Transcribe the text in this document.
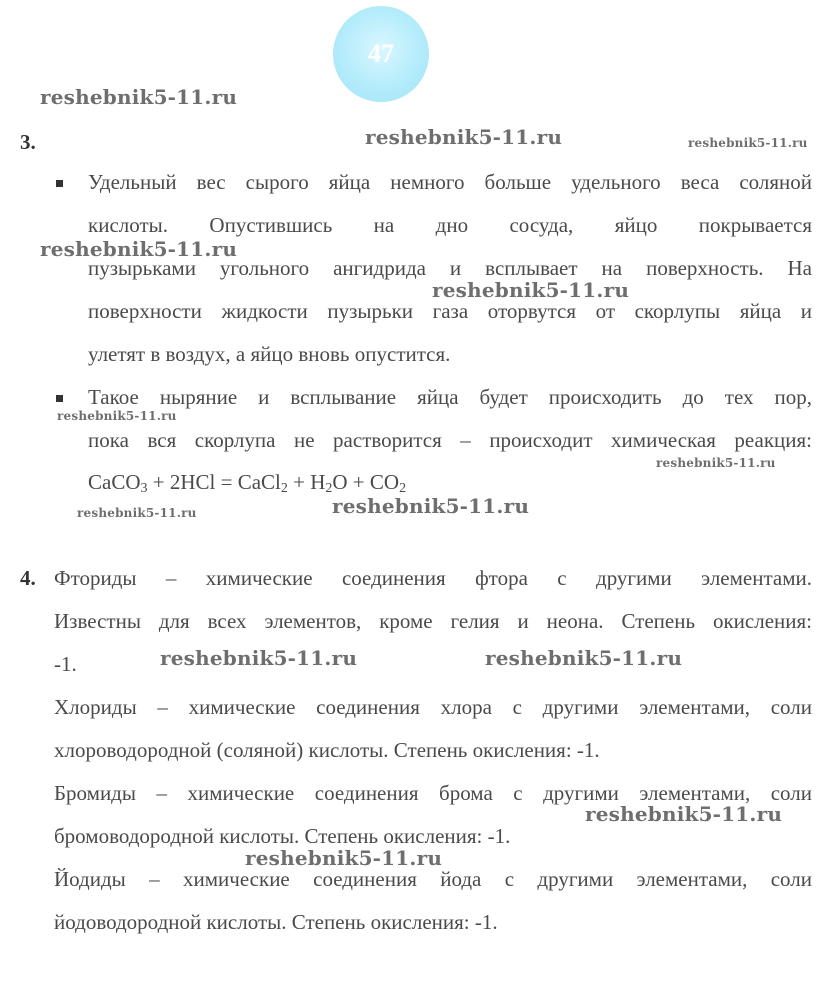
47
3.
Удельный вес сырого яйца немного больше удельного веса соляной
кислоты. Опустившись на дно сосуда, яйцо покрывается
пузырьками угольного ангидрида и всплывает на поверхность. На
поверхности жидкости пузырьки газа оторвутся от скорлупы яйца и
улетят в воздух, а яйцо вновь опустится.
Такое ныряние и всплывание яйца будет происходить до тех пор,
пока вся скорлупа не растворится – происходит химическая реакция:
CaCO$_3$ + 2HCl = CaCl$_2$ + $H_2O + CO_2$
4. Фториды – химические соединения фтора с другими элементами.
Известны для всех элементов, кроме гелия и неона. Степень окисления:
-1.
Хлориды – химические соединения хлора с другими элементами, соли
хлороводородной (соляной) кислоты. Степень окисления: -1.
Бромиды – химические соединения брома с другими элементами, соли
бромоводородной кислоты. Степень окисления: -1.
Йодиды – химические соединения йода с другими элементами, соли
йодоводородной кислоты. Степень окисления: -1.
reshebnik5-11.ru
reshebnik5-11.ru	reshebnik5-11.ru
reshebnik5-11.ru
reshebnik5-11.ru
reshebnik5-11.ru
reshebnik5-11.ru
reshebnik5-11.ru	reshebnik5-11.ru
reshebnik5-11.ru	reshebnik5-11.ru
reshebnik5-11.ru
reshebnik5-11.ru
